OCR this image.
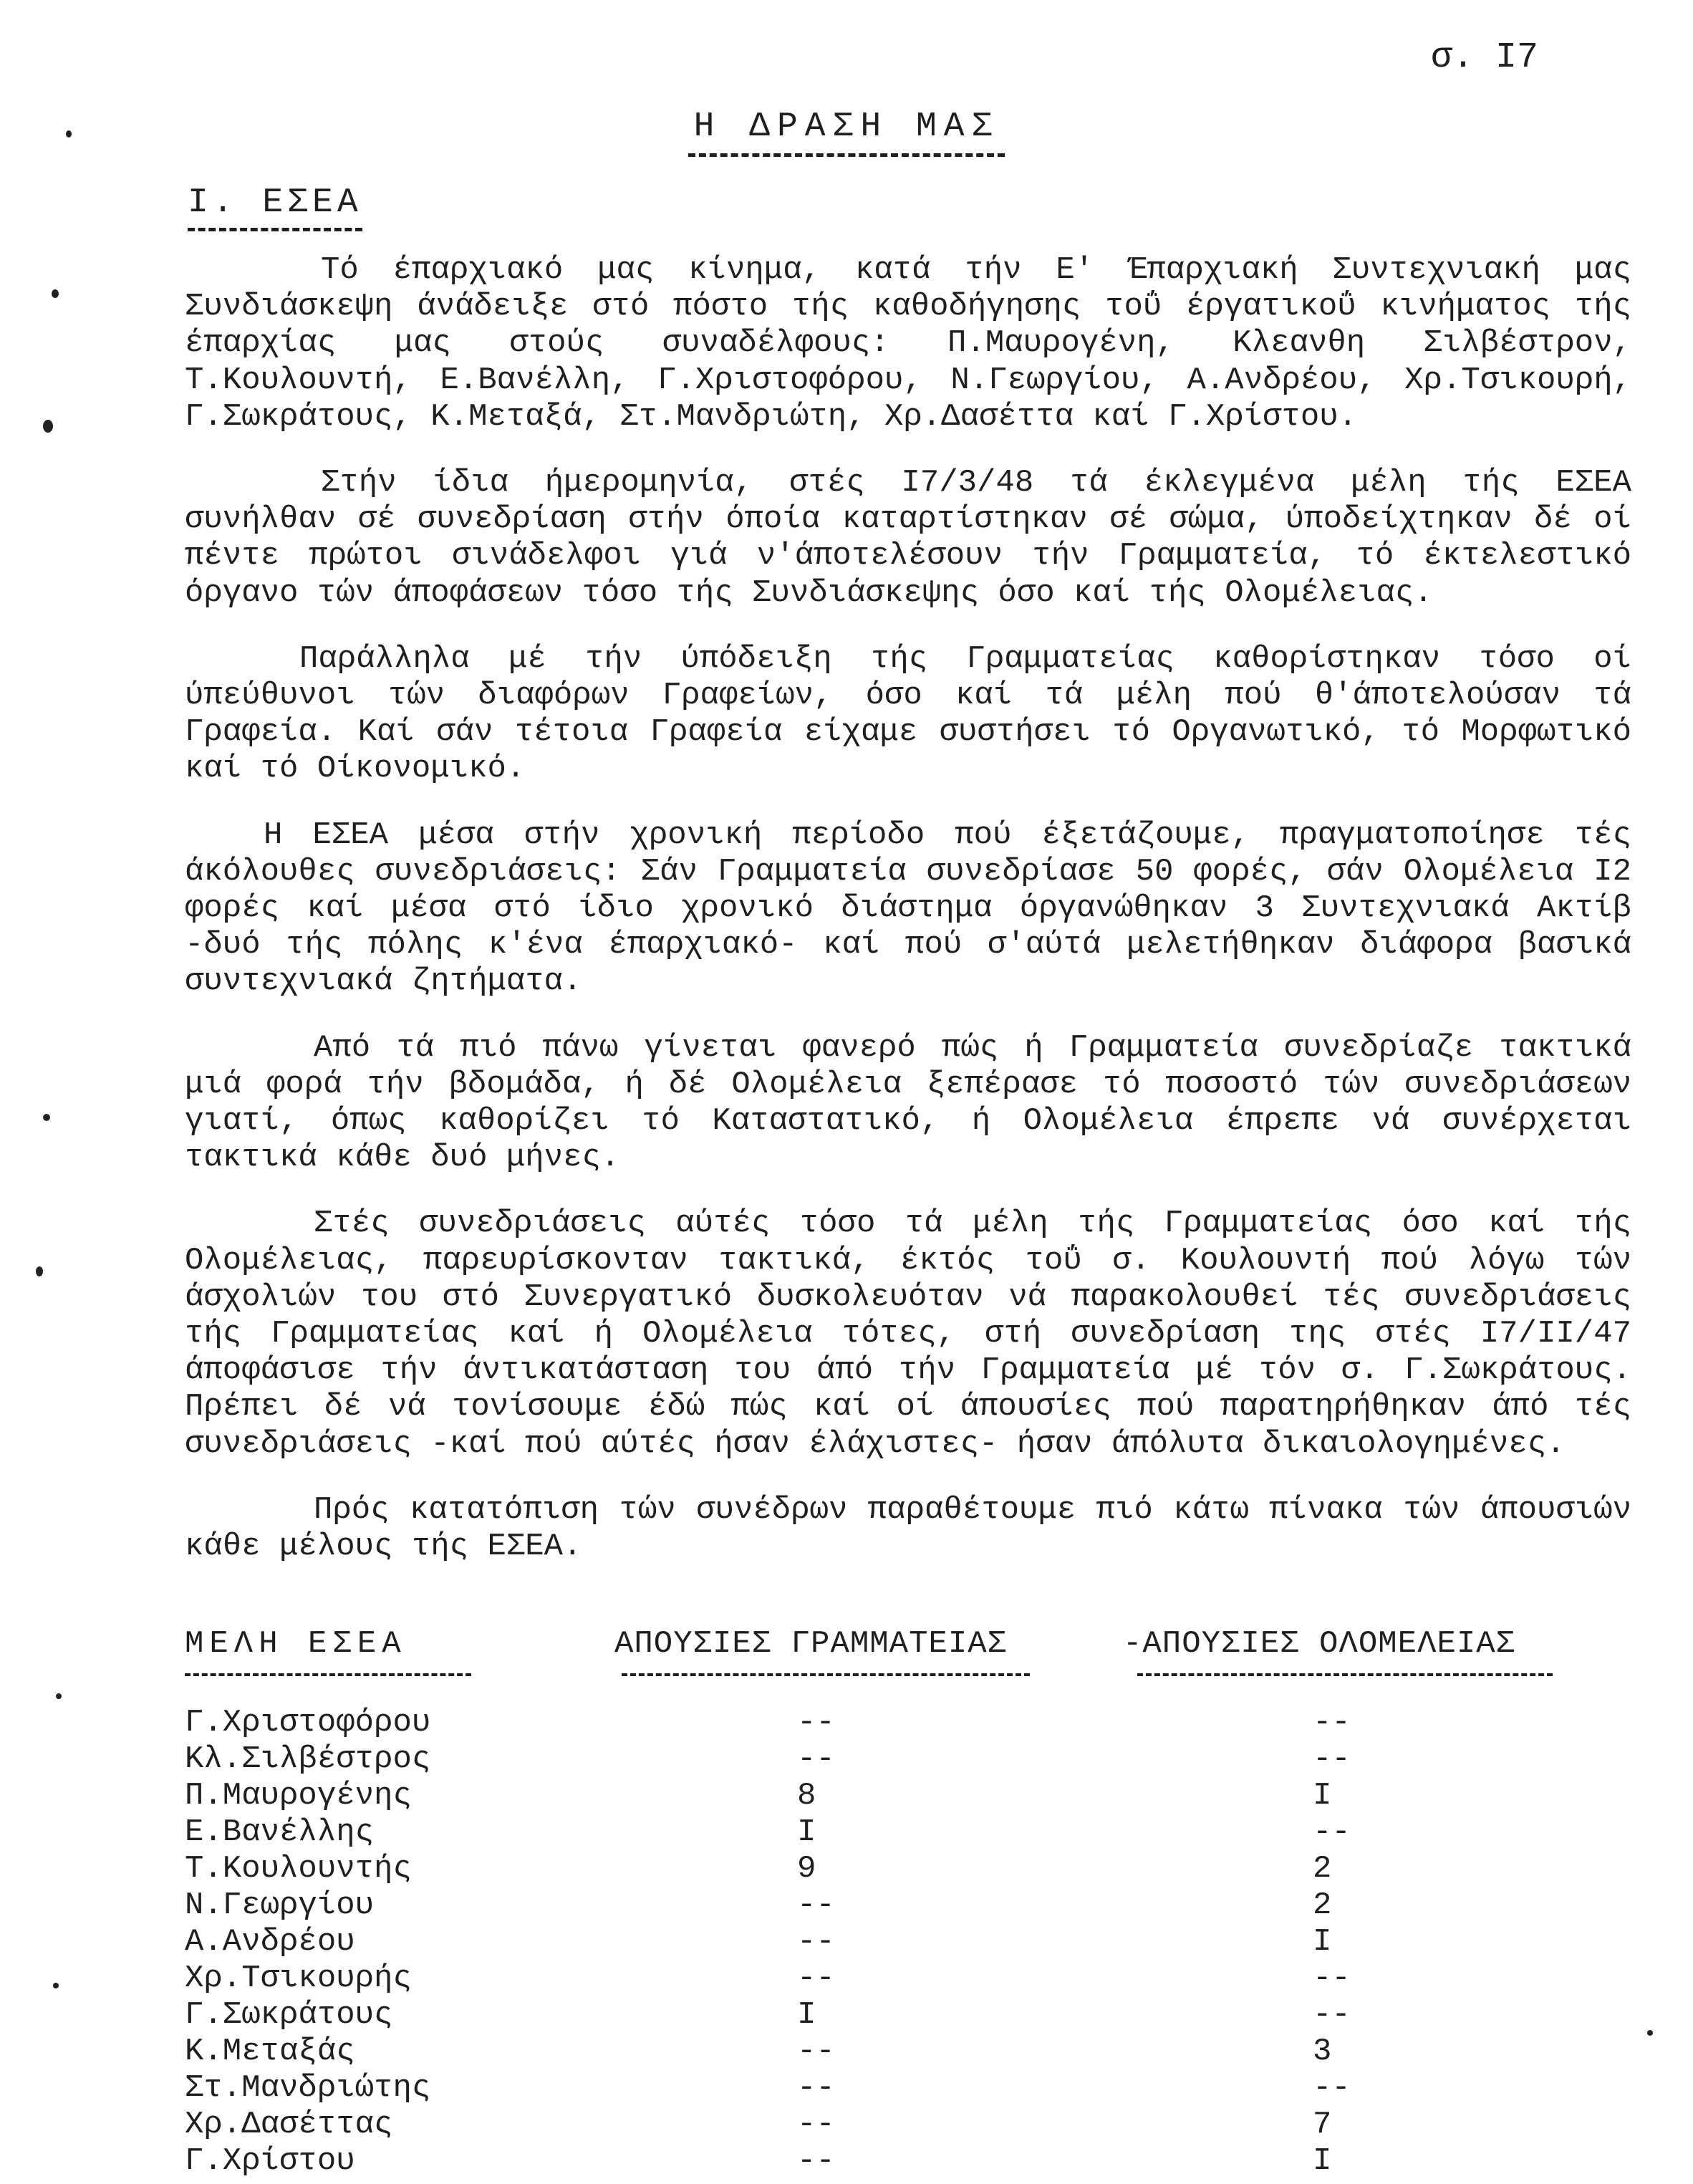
σ. Ι7
Η ΔΡΑΣΗ ΜΑΣ
Ι. ΕΣΕΑ

Τό έπαρχιακό μας κίνημα, κατά τήν Ε' Έπαρχιακή Συντεχνιακή μας Συνδιάσκεψη άνάδειξε στό πόστο τής καθοδήγησης τοΰ έργατικοΰ κινήματος τής έπαρχίας μας στούς συναδέλφους: Π.Μαυρογένη, Κλεανθη Σιλβέστρον, Τ.Κουλουντή, Ε.Βανέλλη, Γ.Χριστοφόρου, Ν.Γεωργίου, Α.Ανδρέου, Χρ.Τσικουρή, Γ.Σωκράτους, Κ.Μεταξά, Στ.Μανδριώτη, Χρ.Δασέττα καί Γ.Χρίστου.

Στήν ίδια ήμερομηνία, στές Ι7/3/48 τά έκλεγμένα μέλη τής ΕΣΕΑ συνήλθαν σέ συνεδρίαση στήν όποία καταρτίστηκαν σέ σώμα, ύποδείχτηκαν δέ οί πέντε πρώτοι σινάδελφοι γιά ν'άποτελέσουν τήν Γραμματεία, τό έκτελεστικό όργανο τών άποφάσεων τόσο τής Συνδιάσκεψης όσο καί τής Ολομέλειας.

Παράλληλα μέ τήν ύπόδειξη τής Γραμματείας καθορίστηκαν τόσο οί ύπεύθυνοι τών διαφόρων Γραφείων, όσο καί τά μέλη πού θ'άποτελούσαν τά Γραφεία. Καί σάν τέτοια Γραφεία είχαμε συστήσει τό Οργανωτικό, τό Μορφωτικό καί τό Οίκονομικό.

Η ΕΣΕΑ μέσα στήν χρονική περίοδο πού έξετάζουμε, πραγματοποίησε τές άκόλουθες συνεδριάσεις: Σάν Γραμματεία συνεδρίασε 50 φορές, σάν Ολομέλεια Ι2 φορές καί μέσα στό ίδιο χρονικό διάστημα όργανώθηκαν 3 Συντεχνιακά Ακτίβ -δυό τής πόλης κ'ένα έπαρχιακό- καί πού σ'αύτά μελετήθηκαν διάφορα βασικά συντεχνιακά ζητήματα.

Από τά πιό πάνω γίνεται φανερό πώς ή Γραμματεία συνεδρίαζε τακτικά μιά φορά τήν βδομάδα, ή δέ Ολομέλεια ξεπέρασε τό ποσοστό τών συνεδριάσεων γιατί, όπως καθορίζει τό Καταστατικό, ή Ολομέλεια έπρεπε νά συνέρχεται τακτικά κάθε δυό μήνες.

Στές συνεδριάσεις αύτές τόσο τά μέλη τής Γραμματείας όσο καί τής Ολομέλειας, παρευρίσκονταν τακτικά, έκτός τοΰ σ. Κουλουντή πού λόγω τών άσχολιών του στό Συνεργατικό δυσκολευόταν νά παρακολουθεί τές συνεδριάσεις τής Γραμματείας καί ή Ολομέλεια τότες, στή συνεδρίαση της στές Ι7/ΙΙ/47 άποφάσισε τήν άντικατάσταση του άπό τήν Γραμματεία μέ τόν σ. Γ.Σωκράτους. Πρέπει δέ νά τονίσουμε έδώ πώς καί οί άπουσίες πού παρατηρήθηκαν άπό τές συνεδριάσεις -καί πού αύτές ήσαν έλάχιστες- ήσαν άπόλυτα δικαιολογημένες.

Πρός κατατόπιση τών συνέδρων παραθέτουμε πιό κάτω πίνακα τών άπουσιών κάθε μέλους τής ΕΣΕΑ.

ΜΕΛΗ ΕΣΕΑ	ΑΠΟΥΣΙΕΣ ΓΡΑΜΜΑΤΕΙΑΣ	-ΑΠΟΥΣΙΕΣ ΟΛΟΜΕΛΕΙΑΣ
Γ.Χριστοφόρου	--	--
Κλ.Σιλβέστρος	--	--
Π.Μαυρογένης	8	Ι
Ε.Βανέλλης	Ι	--
Τ.Κουλουντής	9	2
Ν.Γεωργίου	--	2
Α.Ανδρέου	--	Ι
Χρ.Τσικουρής	--	--
Γ.Σωκράτους	Ι	--
Κ.Μεταξάς	--	3
Στ.Μανδριώτης	--	--
Χρ.Δασέττας	--	7
Γ.Χρίστου	--	Ι
